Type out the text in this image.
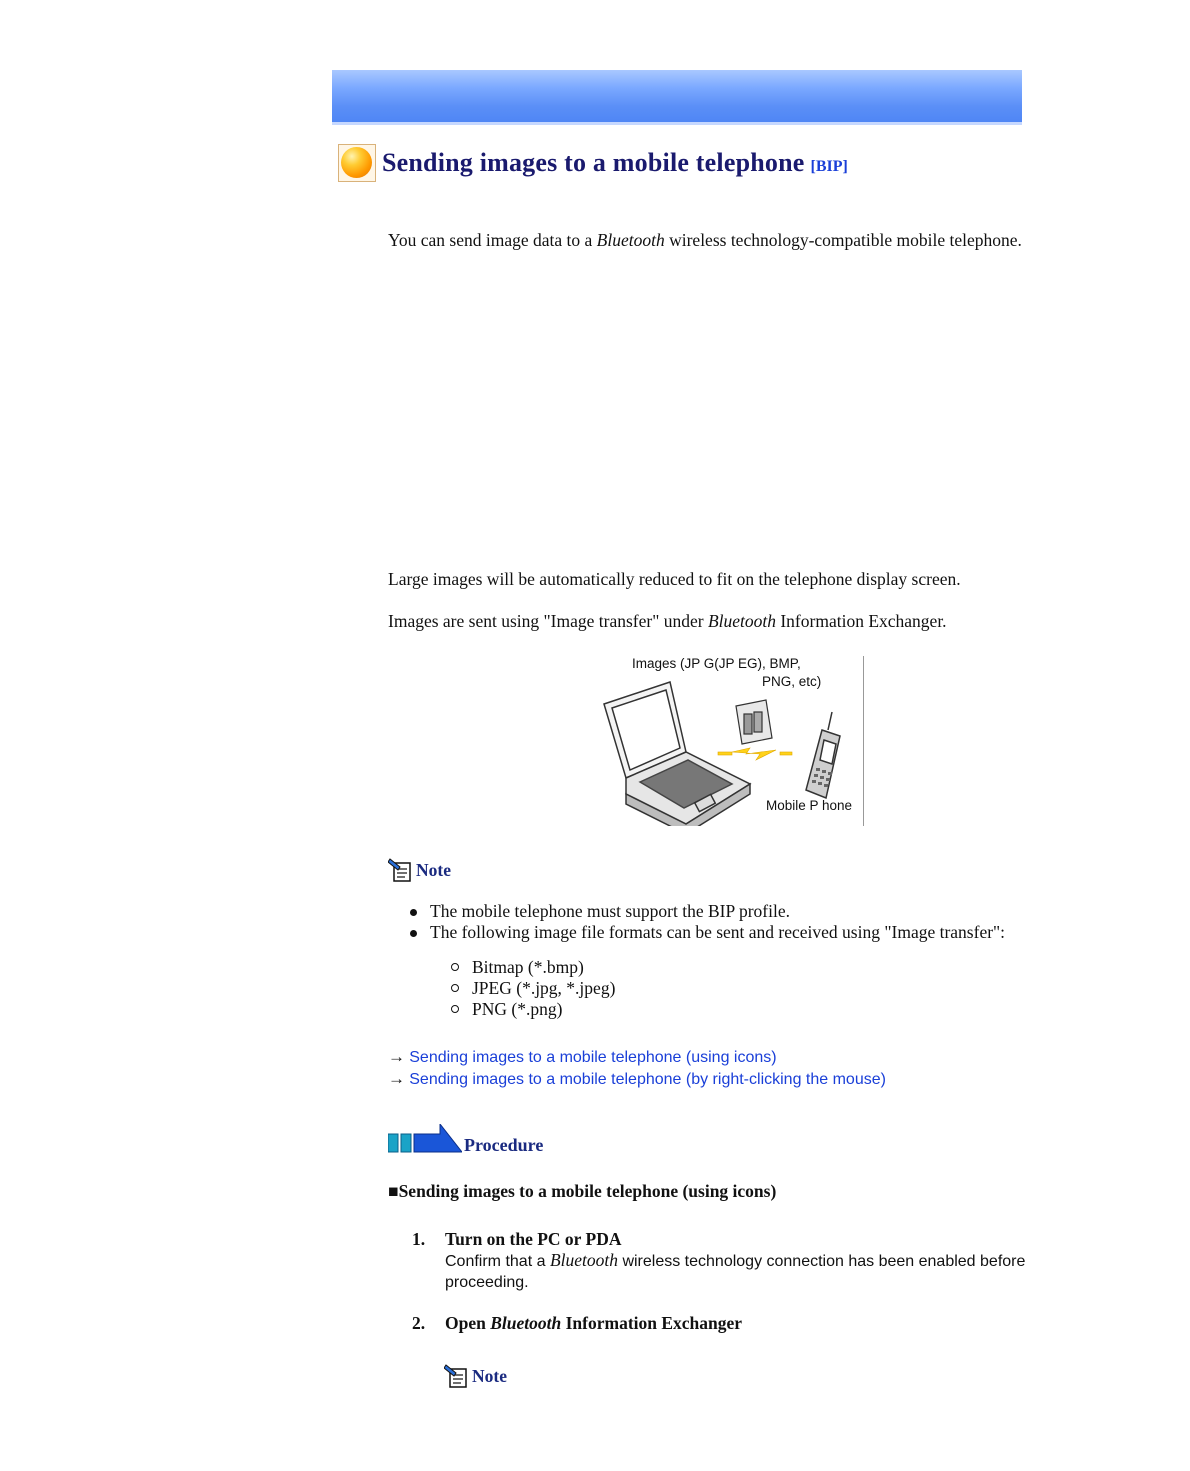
Sending images to a mobile telephone [BIP]
You can send image data to a Bluetooth wireless technology-compatible mobile telephone.
Large images will be automatically reduced to fit on the telephone display screen.
Images are sent using "Image transfer" under Bluetooth Information Exchanger.
Images (JP G(JP EG), BMP,
PNG, etc)
Mobile P hone
Note
The mobile telephone must support the BIP profile.
The following image file formats can be sent and received using "Image transfer":
Bitmap (*.bmp)
JPEG (*.jpg, *.jpeg)
PNG (*.png)
→ Sending images to a mobile telephone (using icons)
→ Sending images to a mobile telephone (by right-clicking the mouse)
Procedure
■Sending images to a mobile telephone (using icons)
1. Turn on the PC or PDA
Confirm that a Bluetooth wireless technology connection has been enabled before
proceeding.
2. Open Bluetooth Information Exchanger
Note
